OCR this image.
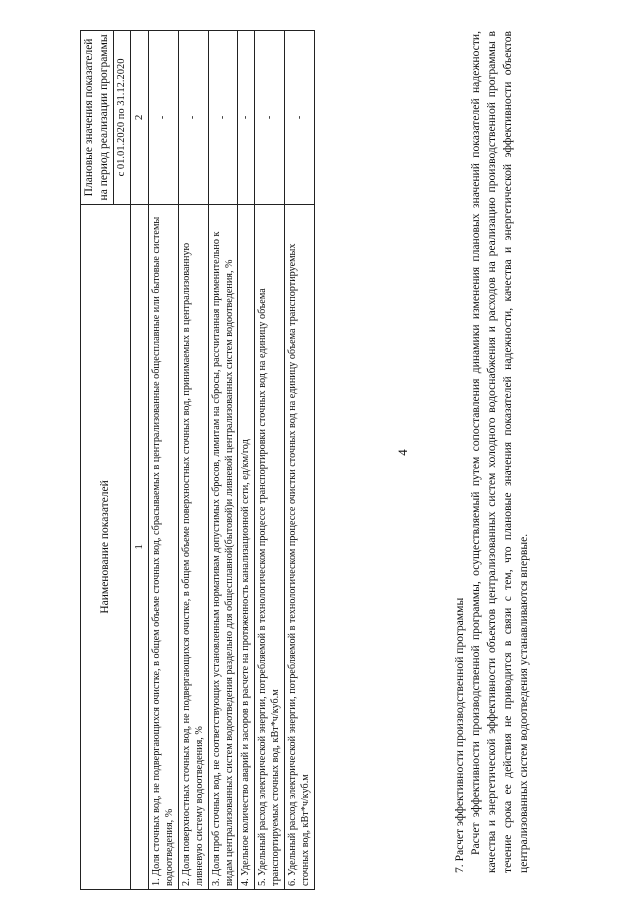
4
Наименование показателей	Плановые значения показателей на период реализации программы
	с 01.01.2020 по 31.12.2020
1	2
1. Доля сточных вод, не подвергающихся очистке, в общем объеме сточных вод, сбрасываемых в централизованные общесплавные или бытовые системы водоотведения, %	-
2. Доля поверхностных сточных вод, не подвергающихся очистке, в общем объеме поверхностных сточных вод, принимаемых в централизованную ливневую систему водоотведения, %	-
3. Доля проб сточных вод, не соответствующих установленным нормативам допустимых сбросов, лимитам на сбросы, рассчитанная применительно к видам централизованных систем водоотведения раздельно для общесплавной(бытовой)и ливневой централизованных систем водоотведения, %	-
4. Удельное количество аварий и засоров в расчете на протяженность канализационной сети, ед/км/год	-
5. Удельный расход электрической энергии, потребляемой в технологическом процессе транспортировки сточных вод на единицу объема транспортируемых сточных вод, кВт*ч/куб.м	-
6. Удельный расход электрической энергии, потребляемой в технологическом процессе очистки сточных вод на единицу объема транспортируемых сточных вод, кВт*ч/куб.м	-

7. Расчет эффективности производственной программы Расчет эффективности производственной программы, осуществляемый путем сопоставления динамики изменения плановых значений показателей надежности, качества и энергетической эффективности объектов централизованных систем холодного водоснабжения и расходов на реализацию производственной программы в течение срока ее действия не приводится в связи с тем, что плановые значения показателей надежности, качества и энергетической эффективности объектов централизованных систем водоотведения устанавливаются впервые.
